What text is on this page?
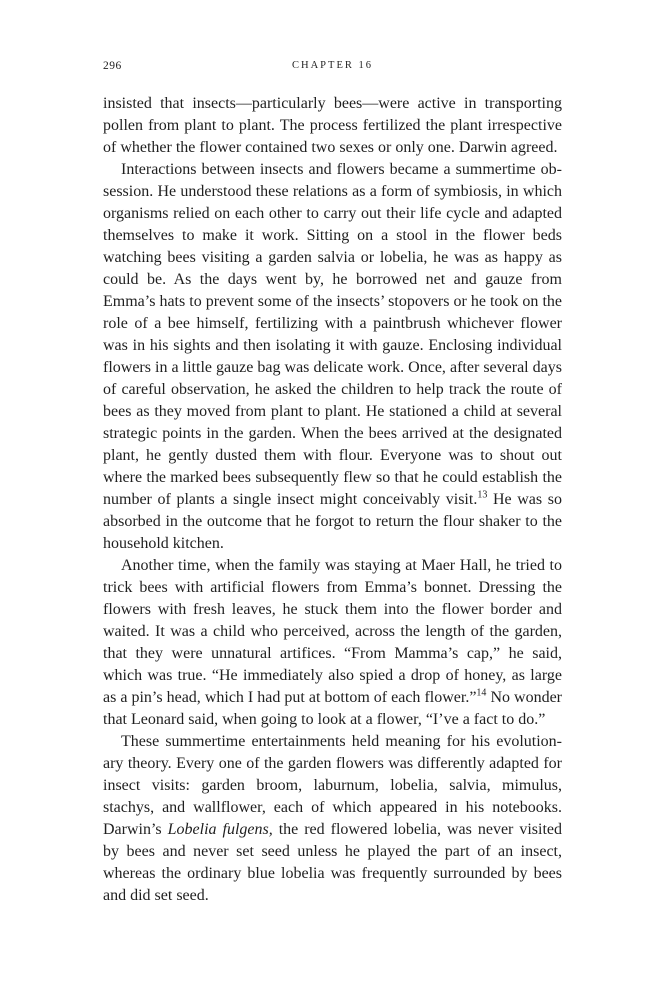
296	CHAPTER 16

insisted that insects—particularly bees—were active in transporting pollen from plant to plant. The process fertilized the plant irrespective of whether the flower contained two sexes or only one. Darwin agreed.

Interactions between insects and flowers became a summertime obsession. He understood these relations as a form of symbiosis, in which organisms relied on each other to carry out their life cycle and adapted themselves to make it work. Sitting on a stool in the flower beds watching bees visiting a garden salvia or lobelia, he was as happy as could be. As the days went by, he borrowed net and gauze from Emma’s hats to prevent some of the insects’ stopovers or he took on the role of a bee himself, fertilizing with a paintbrush whichever flower was in his sights and then isolating it with gauze. Enclosing individual flowers in a little gauze bag was delicate work. Once, after several days of careful observation, he asked the children to help track the route of bees as they moved from plant to plant. He stationed a child at several strategic points in the garden. When the bees arrived at the designated plant, he gently dusted them with flour. Everyone was to shout out where the marked bees subsequently flew so that he could establish the number of plants a single insect might conceivably visit.$^{13}$ He was so absorbed in the outcome that he forgot to return the flour shaker to the household kitchen.

Another time, when the family was staying at Maer Hall, he tried to trick bees with artificial flowers from Emma’s bonnet. Dressing the flowers with fresh leaves, he stuck them into the flower border and waited. It was a child who perceived, across the length of the garden, that they were unnatural artifices. “From Mamma’s cap,” he said, which was true. “He immediately also spied a drop of honey, as large as a pin’s head, which I had put at bottom of each flower.”$^{14}$ No wonder that Leonard said, when going to look at a flower, “I’ve a fact to do.”

These summertime entertainments held meaning for his evolutionary theory. Every one of the garden flowers was differently adapted for insect visits: garden broom, laburnum, lobelia, salvia, mimulus, stachys, and wallflower, each of which appeared in his notebooks. Darwin’s Lobelia fulgens, the red flowered lobelia, was never visited by bees and never set seed unless he played the part of an insect, whereas the ordinary blue lobelia was frequently surrounded by bees and did set seed.
